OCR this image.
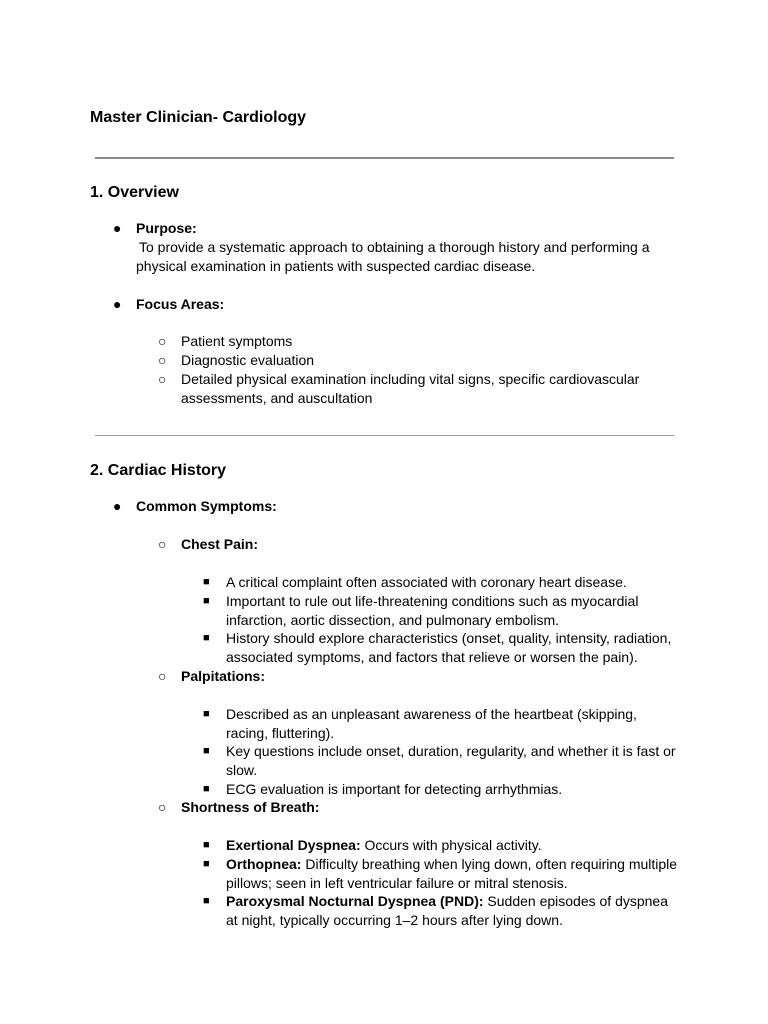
Master Clinician- Cardiology
1. Overview
● Purpose:
To provide a systematic approach to obtaining a thorough history and performing a physical examination in patients with suspected cardiac disease.
● Focus Areas:
○ Patient symptoms
○ Diagnostic evaluation
○ Detailed physical examination including vital signs, specific cardiovascular assessments, and auscultation
2. Cardiac History
● Common Symptoms:
○ Chest Pain:
■ A critical complaint often associated with coronary heart disease.
■ Important to rule out life-threatening conditions such as myocardial infarction, aortic dissection, and pulmonary embolism.
■ History should explore characteristics (onset, quality, intensity, radiation, associated symptoms, and factors that relieve or worsen the pain).
○ Palpitations:
■ Described as an unpleasant awareness of the heartbeat (skipping, racing, fluttering).
■ Key questions include onset, duration, regularity, and whether it is fast or slow.
■ ECG evaluation is important for detecting arrhythmias.
○ Shortness of Breath:
■ Exertional Dyspnea: Occurs with physical activity.
■ Orthopnea: Difficulty breathing when lying down, often requiring multiple pillows; seen in left ventricular failure or mitral stenosis.
■ Paroxysmal Nocturnal Dyspnea (PND): Sudden episodes of dyspnea at night, typically occurring 1–2 hours after lying down.
